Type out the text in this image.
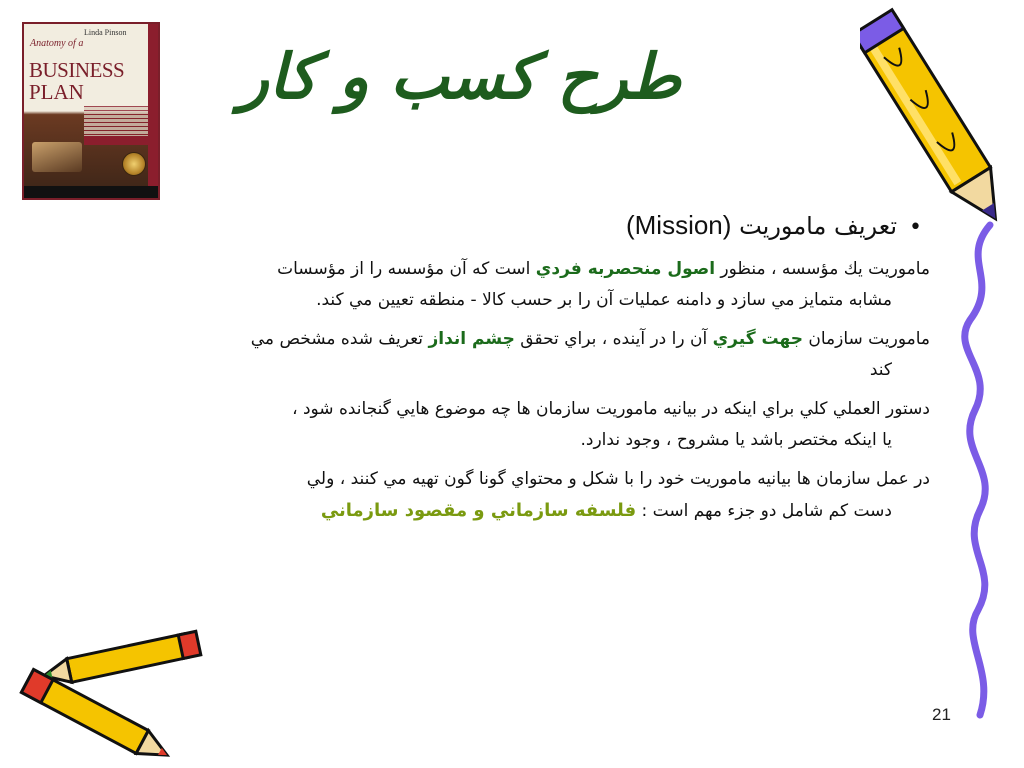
Linda Pinson
Anatomy of a
BUSINESS
PLAN	طرح کسب و کار
•تعريف ماموريت (Mission)
ماموريت يك مؤسسه ، منظور اصول منحصربه فردي است كه آن مؤسسه را از مؤسسات
مشابه متمايز مي سازد و دامنه عمليات آن را بر حسب كالا - منطقه تعيين مي كند.
ماموريت سازمان جهت گيري آن را در آينده ، براي تحقق چشم انداز تعريف شده مشخص مي
كند
دستور العملي كلي براي اينكه در بيانيه ماموريت سازمان ها چه موضوع هايي گنجانده شود ،
يا اينكه مختصر باشد يا مشروح ، وجود ندارد.
در عمل سازمان ها بيانيه ماموريت خود را با شكل و محتواي گونا گون تهيه مي كنند ، ولي
دست كم شامل دو جزء مهم است : فلسفه سازماني و مقصود سازماني
21
